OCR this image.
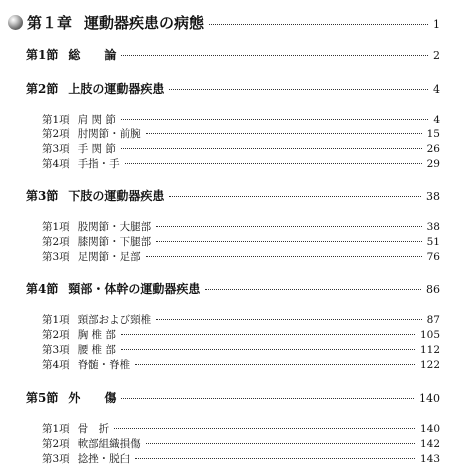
第１章 運動器疾患の病態	1
第1節 総　　論	2
第2節 上肢の運動器疾患	4
第1項 肩 関 節	4
第2項 肘関節・前腕	15
第3項 手 関 節	26
第4項 手指・手	29
第3節 下肢の運動器疾患	38
第1項 股関節・大腿部	38
第2項 膝関節・下腿部	51
第3項 足関節・足部	76
第4節 頸部・体幹の運動器疾患	86
第1項 頸部および頸椎	87
第2項 胸 椎 部	105
第3項 腰 椎 部	112
第4項 脊髄・脊椎	122
第5節 外　　傷	140
第1項 骨　折	140
第2項 軟部組織損傷	142
第3項 捻挫・脱臼	143
